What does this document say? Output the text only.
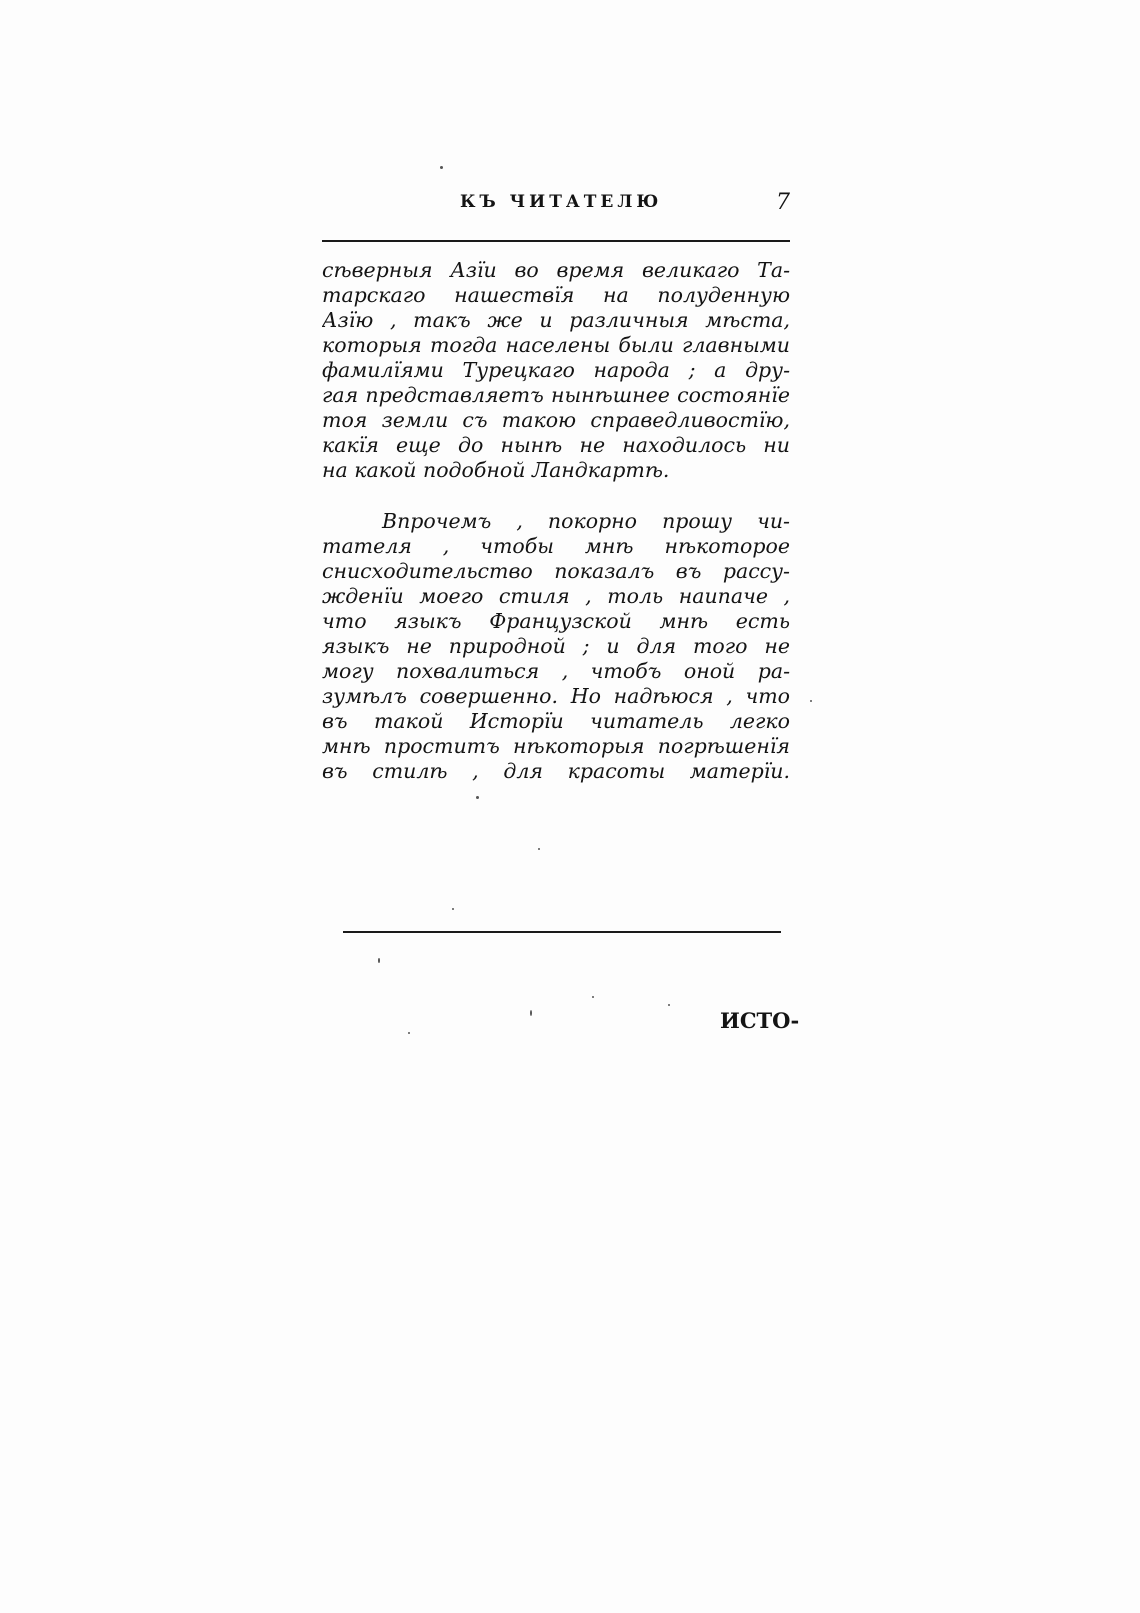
КЪ ЧИТАТЕЛЮ	7
сѣверныя Азїи во время великаго Та-
тарскаго нашествїя на полуденную
Азїю , такъ же и различныя мѣста,
которыя тогда населены были главными
фамилїями Турецкаго народа ; а дру-
гая представляетъ нынѣшнее состоянїе
тоя земли съ такою справедливостїю,
какїя еще до нынѣ не находилось ни
на какой подобной Ландкартѣ.
Впрочемъ , покорно прошу чи-
тателя , чтобы мнѣ нѣкоторое
снисходительство показалъ въ рассу-
жденїи моего стиля , толь наипаче ,
что языкъ Французской мнѣ есть
языкъ не природной ; и для того не
могу похвалиться , чтобъ оной ра-
зумѣлъ совершенно. Но надѣюся , что
въ такой Исторїи читатель легко
мнѣ проститъ нѣкоторыя погрѣшенїя
въ стилѣ , для красоты матерїи.
ИСТО-
